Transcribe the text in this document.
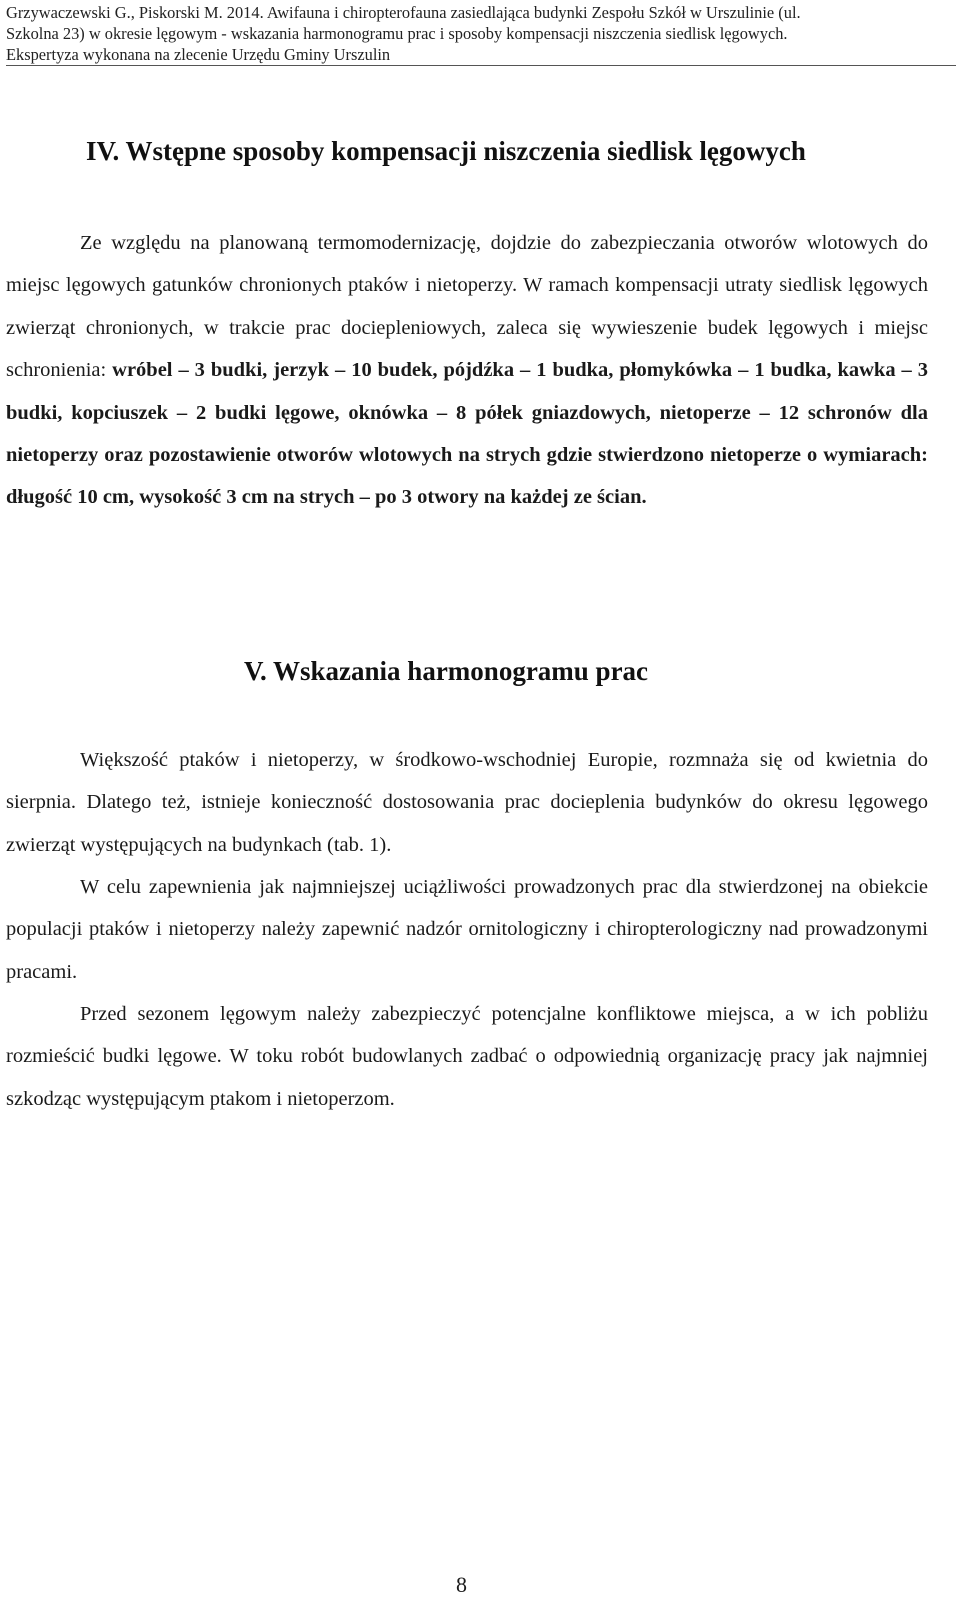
Grzywaczewski G., Piskorski M. 2014. Awifauna i chiropterofauna zasiedlająca budynki Zespołu Szkół w Urszulinie (ul.
Szkolna 23) w okresie lęgowym - wskazania harmonogramu prac i sposoby kompensacji niszczenia siedlisk lęgowych.
Ekspertyza wykonana na zlecenie Urzędu Gminy Urszulin
IV. Wstępne sposoby kompensacji niszczenia siedlisk lęgowych

Ze względu na planowaną termomodernizację, dojdzie do zabezpieczania otworów wlotowych do miejsc lęgowych gatunków chronionych ptaków i nietoperzy. W ramach kompensacji utraty siedlisk lęgowych zwierząt chronionych, w trakcie prac dociepleniowych, zaleca się wywieszenie budek lęgowych i miejsc schronienia: wróbel – 3 budki, jerzyk – 10 budek, pójdźka – 1 budka, płomykówka – 1 budka, kawka – 3 budki, kopciuszek – 2 budki lęgowe, oknówka – 8 półek gniazdowych, nietoperze – 12 schronów dla nietoperzy oraz pozostawienie otworów wlotowych na strych gdzie stwierdzono nietoperze o wymiarach: długość 10 cm, wysokość 3 cm na strych – po 3 otwory na każdej ze ścian.

V. Wskazania harmonogramu prac

Większość ptaków i nietoperzy, w środkowo-wschodniej Europie, rozmnaża się od kwietnia do sierpnia. Dlatego też, istnieje konieczność dostosowania prac docieplenia budynków do okresu lęgowego zwierząt występujących na budynkach (tab. 1).

W celu zapewnienia jak najmniejszej uciążliwości prowadzonych prac dla stwierdzonej na obiekcie populacji ptaków i nietoperzy należy zapewnić nadzór ornitologiczny i chiropterologiczny nad prowadzonymi pracami.

Przed sezonem lęgowym należy zabezpieczyć potencjalne konfliktowe miejsca, a w ich pobliżu rozmieścić budki lęgowe. W toku robót budowlanych zadbać o odpowiednią organizację pracy jak najmniej szkodząc występującym ptakom i nietoperzom.

8
